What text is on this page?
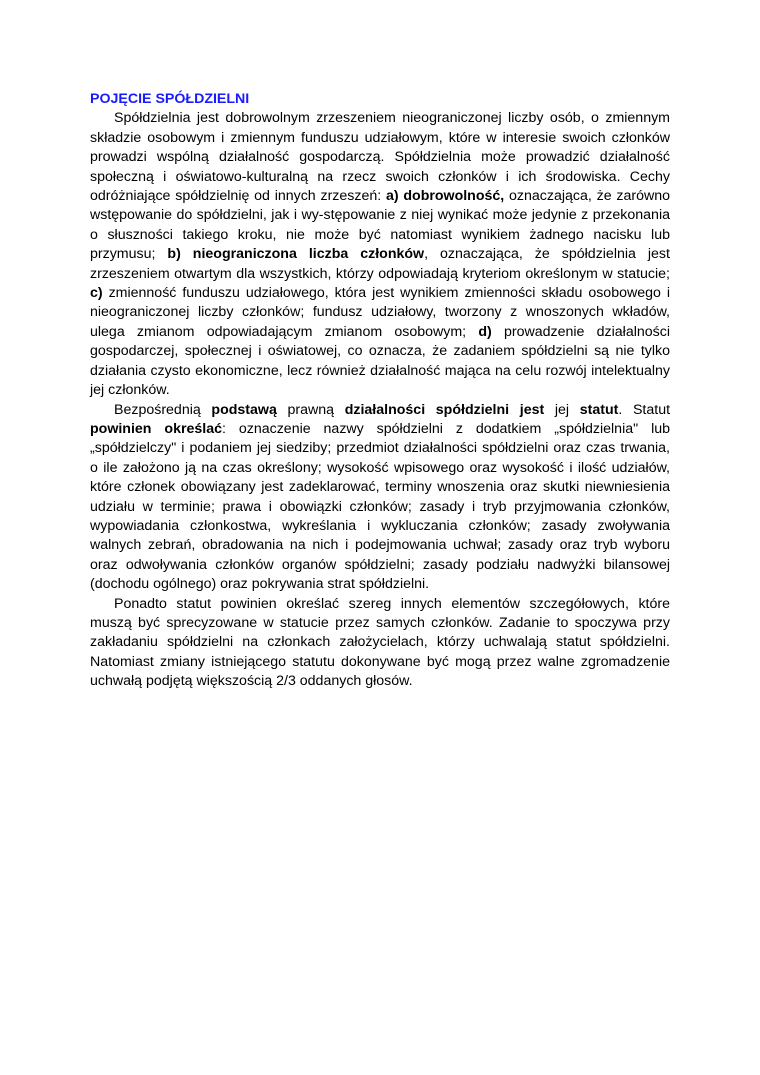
POJĘCIE SPÓŁDZIELNI

Spółdzielnia jest dobrowolnym zrzeszeniem nieograniczonej liczby osób, o zmiennym składzie osobowym i zmiennym funduszu udziałowym, które w interesie swoich członków prowadzi wspólną działalność gospodarczą. Spółdzielnia może prowadzić działalność społeczną i oświatowo-kulturalną na rzecz swoich członków i ich środowiska. Cechy odróżniające spółdzielnię od innych zrzeszeń: a) dobrowolność, oznaczająca, że zarówno wstępowanie do spółdzielni, jak i wy-stępowanie z niej wynikać może jedynie z przekonania o słuszności takiego kroku, nie może być natomiast wynikiem żadnego nacisku lub przymusu; b) nieograniczona liczba członków, oznaczająca, że spółdzielnia jest zrzeszeniem otwartym dla wszystkich, którzy odpowiadają kryteriom określonym w statucie; c) zmienność funduszu udziałowego, która jest wynikiem zmienności składu osobowego i nieograniczonej liczby członków; fundusz udziałowy, tworzony z wnoszonych wkładów, ulega zmianom odpowiadającym zmianom osobowym; d) prowadzenie działalności gospodarczej, społecznej i oświatowej, co oznacza, że zadaniem spółdzielni są nie tylko działania czysto ekonomiczne, lecz również działalność mająca na celu rozwój intelektualny jej członków.

Bezpośrednią podstawą prawną działalności spółdzielni jest jej statut. Statut powinien określać: oznaczenie nazwy spółdzielni z dodatkiem „spółdzielnia" lub „spółdzielczy" i podaniem jej siedziby; przedmiot działalności spółdzielni oraz czas trwania, o ile założono ją na czas określony; wysokość wpisowego oraz wysokość i ilość udziałów, które członek obowiązany jest zadeklarować, terminy wnoszenia oraz skutki niewniesienia udziału w terminie; prawa i obowiązki członków; zasady i tryb przyjmowania członków, wypowiadania członkostwa, wykreślania i wykluczania członków; zasady zwoływania walnych zebrań, obradowania na nich i podejmowania uchwał; zasady oraz tryb wyboru oraz odwoływania członków organów spółdzielni; zasady podziału nadwyżki bilansowej (dochodu ogólnego) oraz pokrywania strat spółdzielni.

Ponadto statut powinien określać szereg innych elementów szczegółowych, które muszą być sprecyzowane w statucie przez samych członków. Zadanie to spoczywa przy zakładaniu spółdzielni na członkach założycielach, którzy uchwalają statut spółdzielni. Natomiast zmiany istniejącego statutu dokonywane być mogą przez walne zgromadzenie uchwałą podjętą większością 2/3 oddanych głosów.
